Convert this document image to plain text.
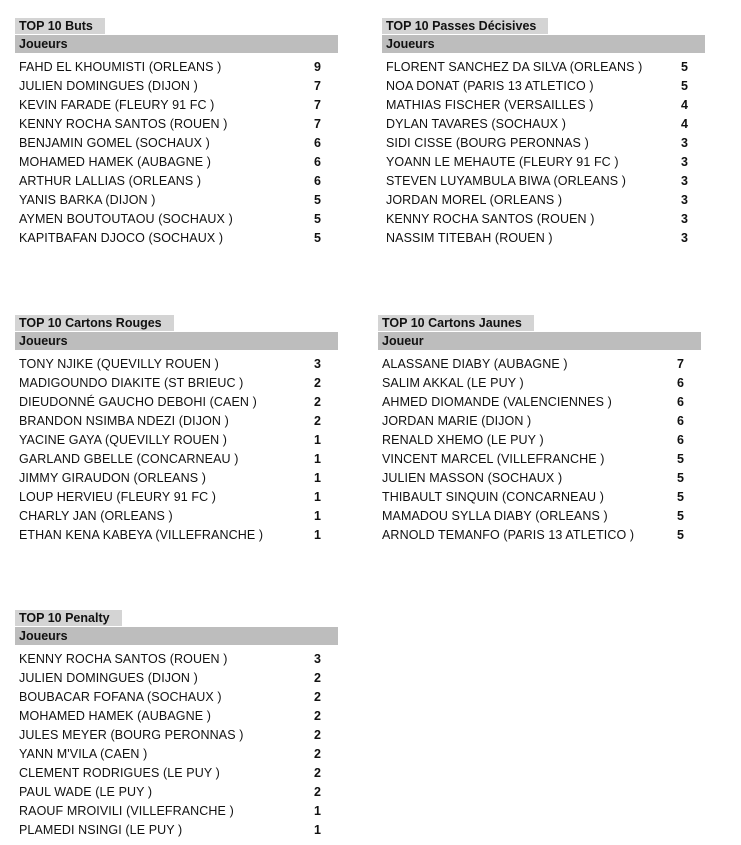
TOP 10 Buts
Joueurs
FAHD EL KHOUMISTI (ORLEANS )	9
JULIEN DOMINGUES (DIJON )	7
KEVIN FARADE (FLEURY 91 FC )	7
KENNY ROCHA SANTOS (ROUEN )	7
BENJAMIN GOMEL (SOCHAUX )	6
MOHAMED HAMEK (AUBAGNE )	6
ARTHUR LALLIAS (ORLEANS )	6
YANIS BARKA (DIJON )	5
AYMEN BOUTOUTAOU (SOCHAUX )	5
KAPITBAFAN DJOCO (SOCHAUX )	5
TOP 10 Passes Décisives
Joueurs
FLORENT SANCHEZ DA SILVA (ORLEANS )	5
NOA DONAT (PARIS 13 ATLETICO )	5
MATHIAS FISCHER (VERSAILLES )	4
DYLAN TAVARES (SOCHAUX )	4
SIDI CISSE (BOURG PERONNAS )	3
YOANN LE MEHAUTE (FLEURY 91 FC )	3
STEVEN LUYAMBULA BIWA (ORLEANS )	3
JORDAN MOREL (ORLEANS )	3
KENNY ROCHA SANTOS (ROUEN )	3
NASSIM TITEBAH (ROUEN )	3
TOP 10 Cartons Rouges
Joueurs
TONY NJIKE (QUEVILLY ROUEN )	3
MADIGOUNDO DIAKITE (ST BRIEUC )	2
DIEUDONNÉ GAUCHO DEBOHI (CAEN )	2
BRANDON NSIMBA NDEZI (DIJON )	2
YACINE GAYA (QUEVILLY ROUEN )	1
GARLAND GBELLE (CONCARNEAU )	1
JIMMY GIRAUDON (ORLEANS )	1
LOUP HERVIEU (FLEURY 91 FC )	1
CHARLY JAN (ORLEANS )	1
ETHAN KENA KABEYA (VILLEFRANCHE )	1
TOP 10 Cartons Jaunes
Joueur
ALASSANE DIABY (AUBAGNE )	7
SALIM AKKAL (LE PUY )	6
AHMED DIOMANDE (VALENCIENNES )	6
JORDAN MARIE (DIJON )	6
RENALD XHEMO (LE PUY )	6
VINCENT MARCEL (VILLEFRANCHE )	5
JULIEN MASSON (SOCHAUX )	5
THIBAULT SINQUIN (CONCARNEAU )	5
MAMADOU SYLLA DIABY (ORLEANS )	5
ARNOLD TEMANFO (PARIS 13 ATLETICO )	5
TOP 10 Penalty
Joueurs
KENNY ROCHA SANTOS (ROUEN )	3
JULIEN DOMINGUES (DIJON )	2
BOUBACAR FOFANA (SOCHAUX )	2
MOHAMED HAMEK (AUBAGNE )	2
JULES MEYER (BOURG PERONNAS )	2
YANN M'VILA (CAEN )	2
CLEMENT RODRIGUES (LE PUY )	2
PAUL WADE (LE PUY )	2
RAOUF MROIVILI (VILLEFRANCHE )	1
PLAMEDI NSINGI (LE PUY )	1
